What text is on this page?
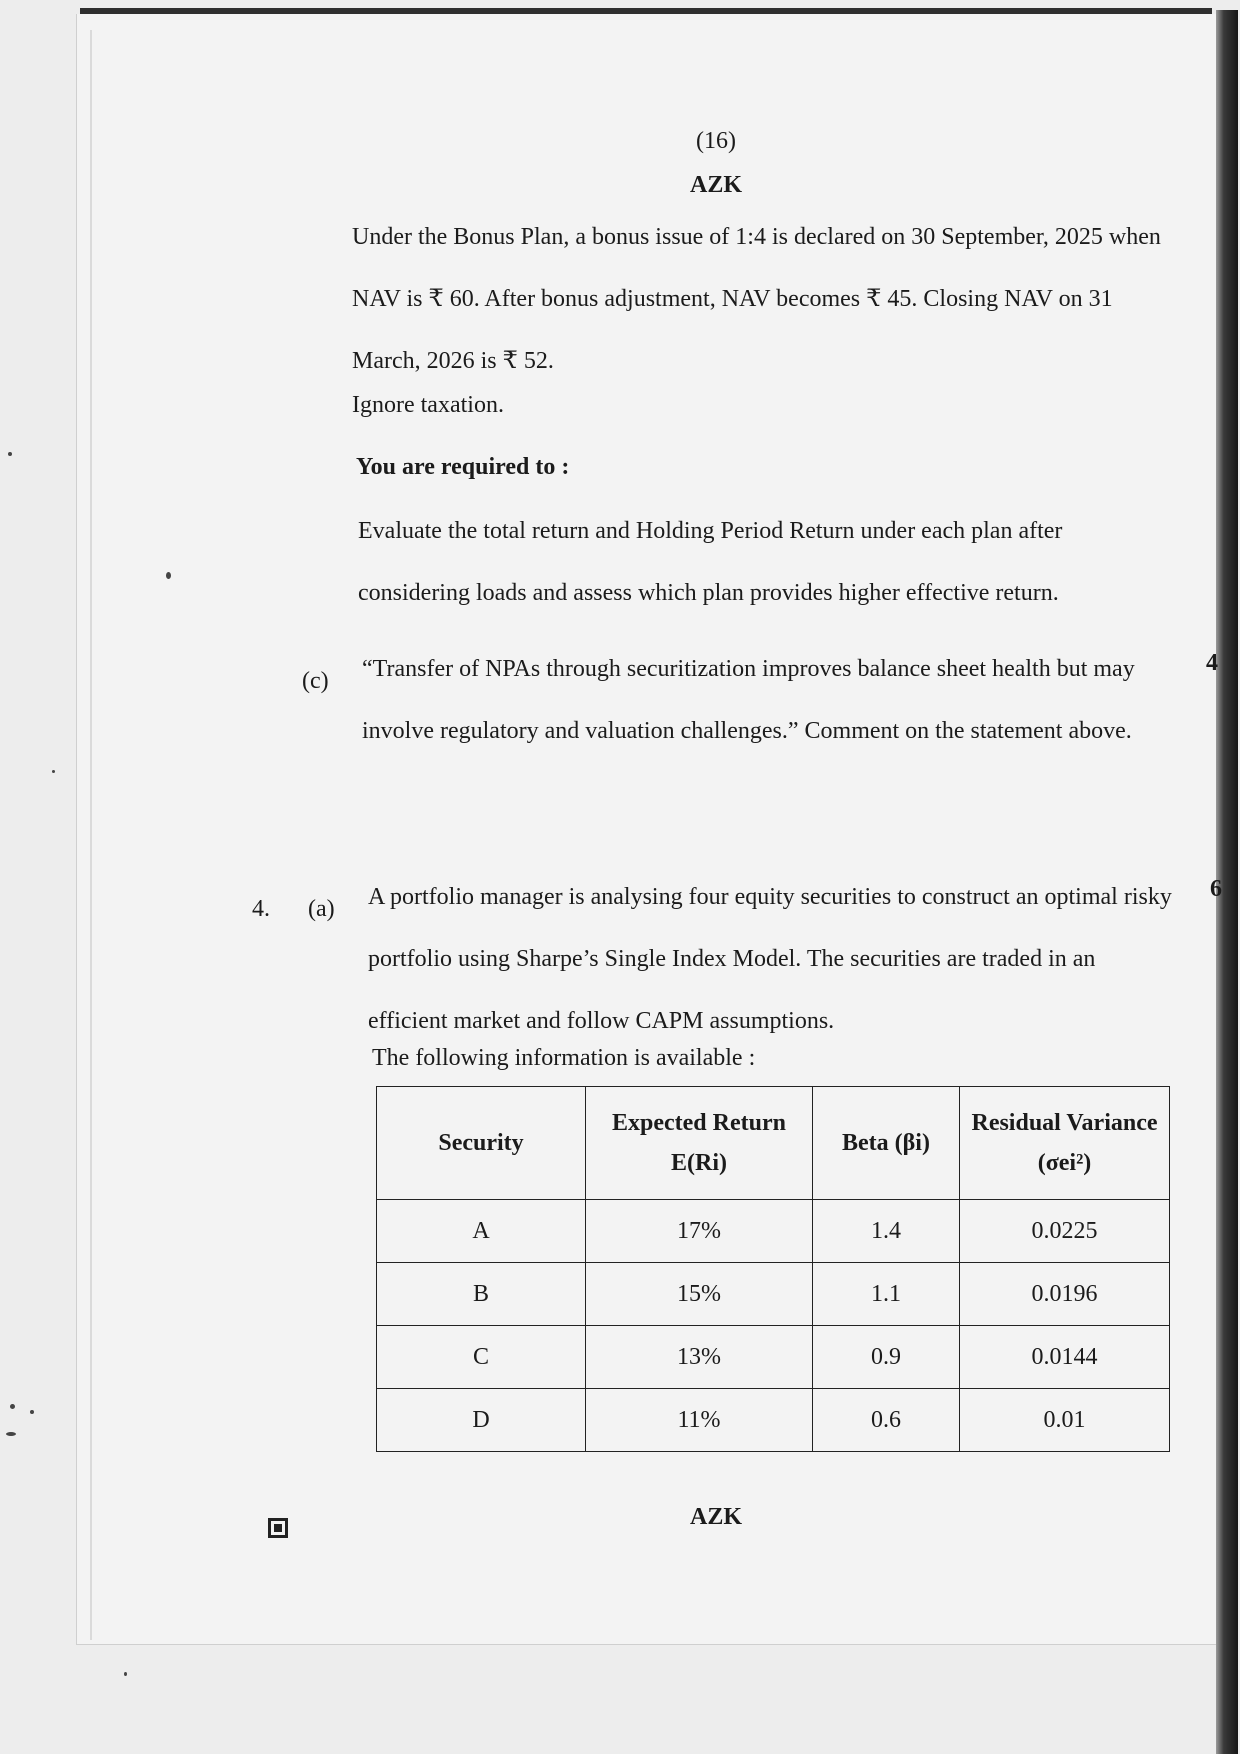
(16)
AZK
Under the Bonus Plan, a bonus issue of 1:4 is declared on 30 September, 2025 when NAV is ₹ 60. After bonus adjustment, NAV becomes ₹ 45. Closing NAV on 31 March, 2026 is ₹ 52.
Ignore taxation.
You are required to :
Evaluate the total return and Holding Period Return under each plan after considering loads and assess which plan provides higher effective return.
(c) “Transfer of NPAs through securitization improves balance sheet health but may involve regulatory and valuation challenges.” Comment on the statement above.
4
4. (a) A portfolio manager is analysing four equity securities to construct an optimal risky portfolio using Sharpe’s Single Index Model. The securities are traded in an efficient market and follow CAPM assumptions.
6
The following information is available :
Security	Expected Return E(Ri)	Beta (βi)	Residual Variance (σei²)
A	17%	1.4	0.0225
B	15%	1.1	0.0196
C	13%	0.9	0.0144
D	11%	0.6	0.01
AZK
